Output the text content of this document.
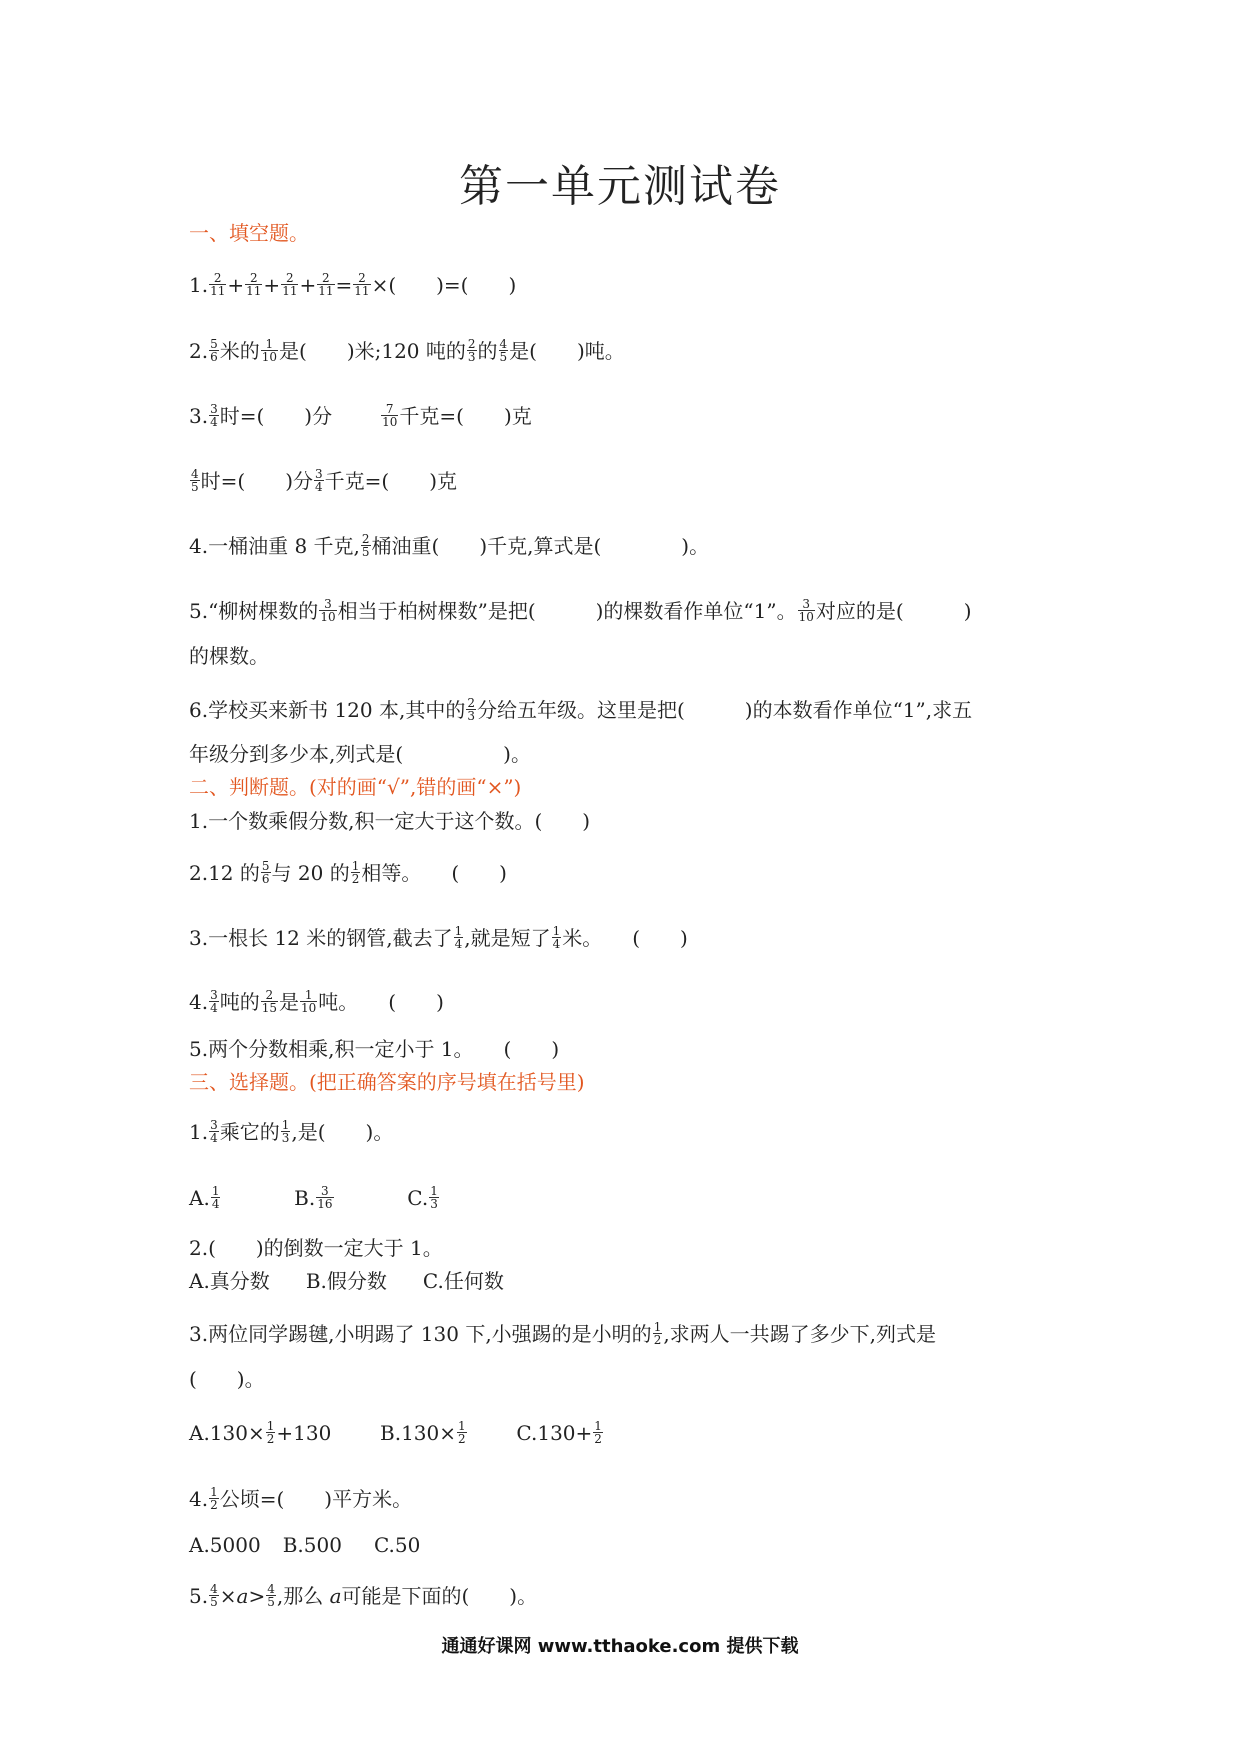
第一单元测试卷
一、填空题。
1. $\frac{2}{11} + \frac{2}{11} + \frac{2}{11} + \frac{2}{11} = \frac{2}{11}$ ×(　　)=(　　)
2. $\frac{5}{6}$ 米的 $\frac{1}{10}$ 是(　　)米;120 吨的 $\frac{2}{3}$ 的 $\frac{4}{5}$ 是(　　)吨。
3. $\frac{3}{4}$ 时=(　　)分	$\frac{7}{10}$ 千克=(　　)克
$\frac{4}{5}$ 时=(　　)分 $\frac{3}{4}$ 千克=(　　)克
4.一桶油重 8 千克, $\frac{2}{5}$ 桶油重(　　)千克,算式是(　　　　)。
5.“柳树棵数的 $\frac{3}{10}$ 相当于柏树棵数”是把(　　　)的棵数看作单位“1”。 $\frac{3}{10}$ 对应的是(　　　)
的棵数。
6.学校买来新书 120 本,其中的 $\frac{2}{3}$ 分给五年级。这里是把(　　　)的本数看作单位“1”,求五
年级分到多少本,列式是(　　　　　)。
二、判断题。(对的画“√”,错的画“×”)
1.一个数乘假分数,积一定大于这个数。(　　)
2.12 的 $\frac{5}{6}$ 与 20 的 $\frac{1}{2}$ 相等。　　(　　)
3.一根长 12 米的钢管,截去了 $\frac{1}{4}$ ,就是短了 $\frac{1}{4}$ 米。　　(　　)
4. $\frac{3}{4}$ 吨的 $\frac{2}{15}$ 是 $\frac{1}{10}$ 吨。　　(　　)
5.两个分数相乘,积一定小于 1。　　(　　)
三、选择题。(把正确答案的序号填在括号里)
1. $\frac{3}{4}$ 乘它的 $\frac{1}{3}$ ,是(　　)。
A. $\frac{1}{4}$	B. $\frac{3}{16}$	C. $\frac{1}{3}$
2.(　　)的倒数一定大于 1。
A.真分数 B.假分数 C.任何数
3.两位同学踢毽,小明踢了 130 下,小强踢的是小明的 $\frac{1}{2}$ ,求两人一共踢了多少下,列式是
(　　)。
$A.130\times \frac{1}{2} +130$ $B.130\times \frac{1}{2} C.130+ \frac{1}{2}$
4. $\frac{1}{2}$ 公顷=(　　)平方米。
A.5000 B.500 C.50
5. $\frac{4}{5} \times a> \frac{4}{5}$ ,那么 a可能是下面的(　　)。
通通好课网 www.tthaoke.com 提供下载
